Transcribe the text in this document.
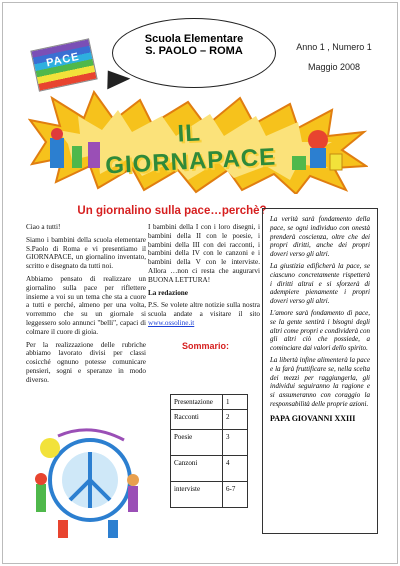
PACE
Scuola Elementare
S. PAOLO – ROMA	Anno 1 , Numero 1
Maggio 2008
IL GIORNAPACE
Un giornalino sulla pace…perchè?

Ciao a tutti!

Siamo i bambini della scuola elementare S.Paolo di Roma e vi presentiamo il GIORNAPACE, un giornalino inventato, scritto e disegnato da tutti noi.

Abbiamo pensato di realizzare un giornalino sulla pace per riflettere insieme a voi su un tema che sta a cuore a tutti e perché, almeno per una volta, vorremmo che su un giornale si leggessero solo annunci "belli", capaci di colmare il cuore di gioia.

Per la realizzazione delle rubriche abbiamo lavorato divisi per classi cosicché ognuno potesse comunicare pensieri, sogni e speranze in modo diverso.

I bambini della I con i loro disegni, i bambini della II con le poesie, i bambini della III con dei racconti, i bambini della IV con le canzoni e i bambini della V con le interviste. Allora …non ci resta che augurarvi BUONA LETTURA!

La redazione

P.S. Se volete altre notizie sulla nostra scuola andate a visitare il sito www.ossoline.it

La verità sarà fondamento della pace, se ogni individuo con onestà prenderà coscienza, oltre che dei propri diritti, anche dei propri doveri verso gli altri.

La giustizia edificherà la pace, se ciascuno concretamente rispetterà i diritti altrui e si sforzerà di adempiere pienamente i propri doveri verso gli altri.

L'amore sarà fondamento di pace, se la gente sentirà i bisogni degli altri come propri e condividerà con gli altri ciò che possiede, a cominciare dai valori dello spirito.

La libertà infine alimenterà la pace e la farà fruttificare se, nella scelta dei mezzi per raggiungerla, gli individui seguiranno la ragione e si assumeranno con coraggio la responsabilità delle proprie azioni.

PAPA GIOVANNI XXIII

Sommario:
Presentazione	1
Racconti	2
Poesie	3
Canzoni	4
interviste	6-7
